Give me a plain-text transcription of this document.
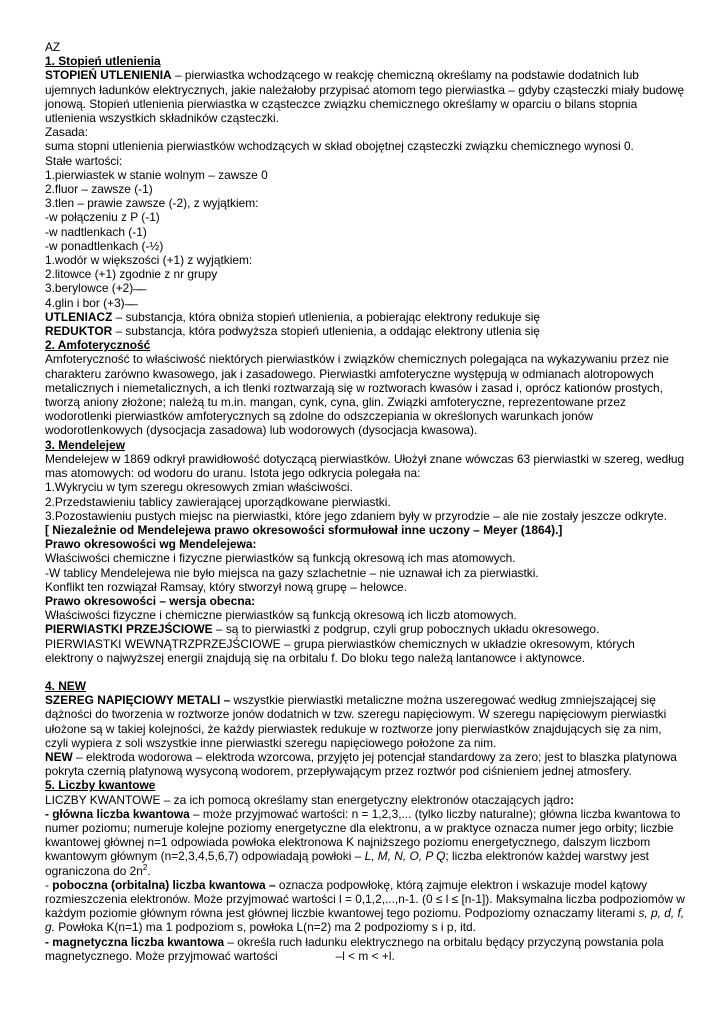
AZ
1. Stopień utlenienia
STOPIEŃ UTLENIENIA – pierwiastka wchodzącego w reakcję chemiczną określamy na podstawie dodatnich lub ujemnych ładunków elektrycznych, jakie należałoby przypisać atomom tego pierwiastka – gdyby cząsteczki miały budowę jonową. Stopień utlenienia pierwiastka w cząsteczce związku chemicznego określamy w oparciu o bilans stopnia utlenienia wszystkich składników cząsteczki.
Zasada:
suma stopni utlenienia pierwiastków wchodzących w skład obojętnej cząsteczki związku chemicznego wynosi 0.
Stałe wartości:
1.pierwiastek w stanie wolnym – zawsze 0
2.fluor – zawsze (-1)
3.tlen – prawie zawsze (-2), z wyjątkiem:
-w połączeniu z P (-1)
-w nadtlenkach (-1)
-w ponadtlenkach (-½)
1.wodór w większości (+1) z wyjątkiem:
2.litowce (+1) zgodnie z nr grupy
3.berylowce (+2) ̶ ̶ ̶
4.glin i bor (+3) ̶ ̶ ̶
UTLENIACZ – substancja, która obniża stopień utlenienia, a pobierając elektrony redukuje się
REDUKTOR – substancja, która podwyższa stopień utlenienia, a oddając elektrony utlenia się
2. Amfoteryczność
Amfoteryczność to właściwość niektórych pierwiastków i związków chemicznych polegająca na wykazywaniu przez nie charakteru zarówno kwasowego, jak i zasadowego. Pierwiastki amfoteryczne występują w odmianach alotropowych metalicznych i niemetalicznych, a ich tlenki roztwarzają się w roztworach kwasów i zasad i, oprócz kationów prostych, tworzą aniony złożone; należą tu m.in. mangan, cynk, cyna, glin. Związki amfoteryczne, reprezentowane przez wodorotlenki pierwiastków amfoterycznych są zdolne do odszczepiania w określonych warunkach jonów wodorotlenkowych (dysocjacja zasadowa) lub wodorowych (dysocjacja kwasowa).
3. Mendelejew
Mendelejew w 1869 odkrył prawidłowość dotyczącą pierwiastków. Ułożył znane wówczas 63 pierwiastki w szereg, według mas atomowych: od wodoru do uranu. Istota jego odkrycia polegała na:
1.Wykryciu w tym szeregu okresowych zmian właściwości.
2.Przedstawieniu tablicy zawierającej uporządkowane pierwiastki.
3.Pozostawieniu pustych miejsc na pierwiastki, które jego zdaniem były w przyrodzie – ale nie zostały jeszcze odkryte.
[ Niezależnie od Mendelejewa prawo okresowości sformułował inne uczony – Meyer (1864).]
Prawo okresowości wg Mendelejewa:
Właściwości chemiczne i fizyczne pierwiastków są funkcją okresową ich mas atomowych.
-W tablicy Mendelejewa nie było miejsca na gazy szlachetnie – nie uznawał ich za pierwiastki.
Konflikt ten rozwiązał Ramsay, który stworzył nową grupę – helowce.
Prawo okresowości – wersja obecna:
Właściwości fizyczne i chemiczne pierwiastków są funkcją okresową ich liczb atomowych.
PIERWIASTKI PRZEJŚCIOWE – są to pierwiastki z podgrup, czyli grup pobocznych układu okresowego.
PIERWIASTKI WEWNĄTRZPRZEJŚCIOWE – grupa pierwiastków chemicznych w układzie okresowym, których elektrony o najwyższej energii znajdują się na orbitalu f. Do bloku tego należą lantanowce i aktynowce.
4. NEW
SZEREG NAPIĘCIOWY METALI – wszystkie pierwiastki metaliczne można uszeregować według zmniejszającej się dążności do tworzenia w roztworze jonów dodatnich w tzw. szeregu napięciowym. W szeregu napięciowym pierwiastki ułożone są w takiej kolejności, że każdy pierwiastek redukuje w roztworze jony pierwiastków znajdujących się za nim, czyli wypiera z soli wszystkie inne pierwiastki szeregu napięciowego położone za nim.
NEW – elektroda wodorowa – elektroda wzorcowa, przyjęto jej potencjał standardowy za zero; jest to blaszka platynowa pokryta czernią platynową wysyconą wodorem, przepływającym przez roztwór pod ciśnieniem jednej atmosfery.
5. Liczby kwantowe
LICZBY KWANTOWE – za ich pomocą określamy stan energetyczny elektronów otaczających jądro:
- główna liczba kwantowa – może przyjmować wartości: n = 1,2,3,... (tylko liczby naturalne); główna liczba kwantowa to numer poziomu; numeruje kolejne poziomy energetyczne dla elektronu, a w praktyce oznacza numer jego orbity; liczbie kwantowej głównej n=1 odpowiada powłoka elektronowa K najniższego poziomu energetycznego, dalszym liczbom kwantowym głównym (n=2,3,4,5,6,7) odpowiadają powłoki – L, M, N, O, P Q; liczba elektronów każdej warstwy jest ograniczona do $2n^2$.
- poboczna (orbitalna) liczba kwantowa – oznacza podpowłokę, którą zajmuje elektron i wskazuje model kątowy rozmieszczenia elektronów. Może przyjmować wartości l = 0,1,2,...,n-1. (0 ≤ l ≤ [n-1]). Maksymalna liczba podpoziomów w każdym poziomie głównym równa jest głównej liczbie kwantowej tego poziomu. Podpoziomy oznaczamy literami s, p, d, f, g. Powłoka K(n=1) ma 1 podpoziom s, powłoka L(n=2) ma 2 podpoziomy s i p, itd.
- magnetyczna liczba kwantowa – określa ruch ładunku elektrycznego na orbitalu będący przyczyną powstania pola magnetycznego. Może przyjmować wartości	–l < m < +l.
